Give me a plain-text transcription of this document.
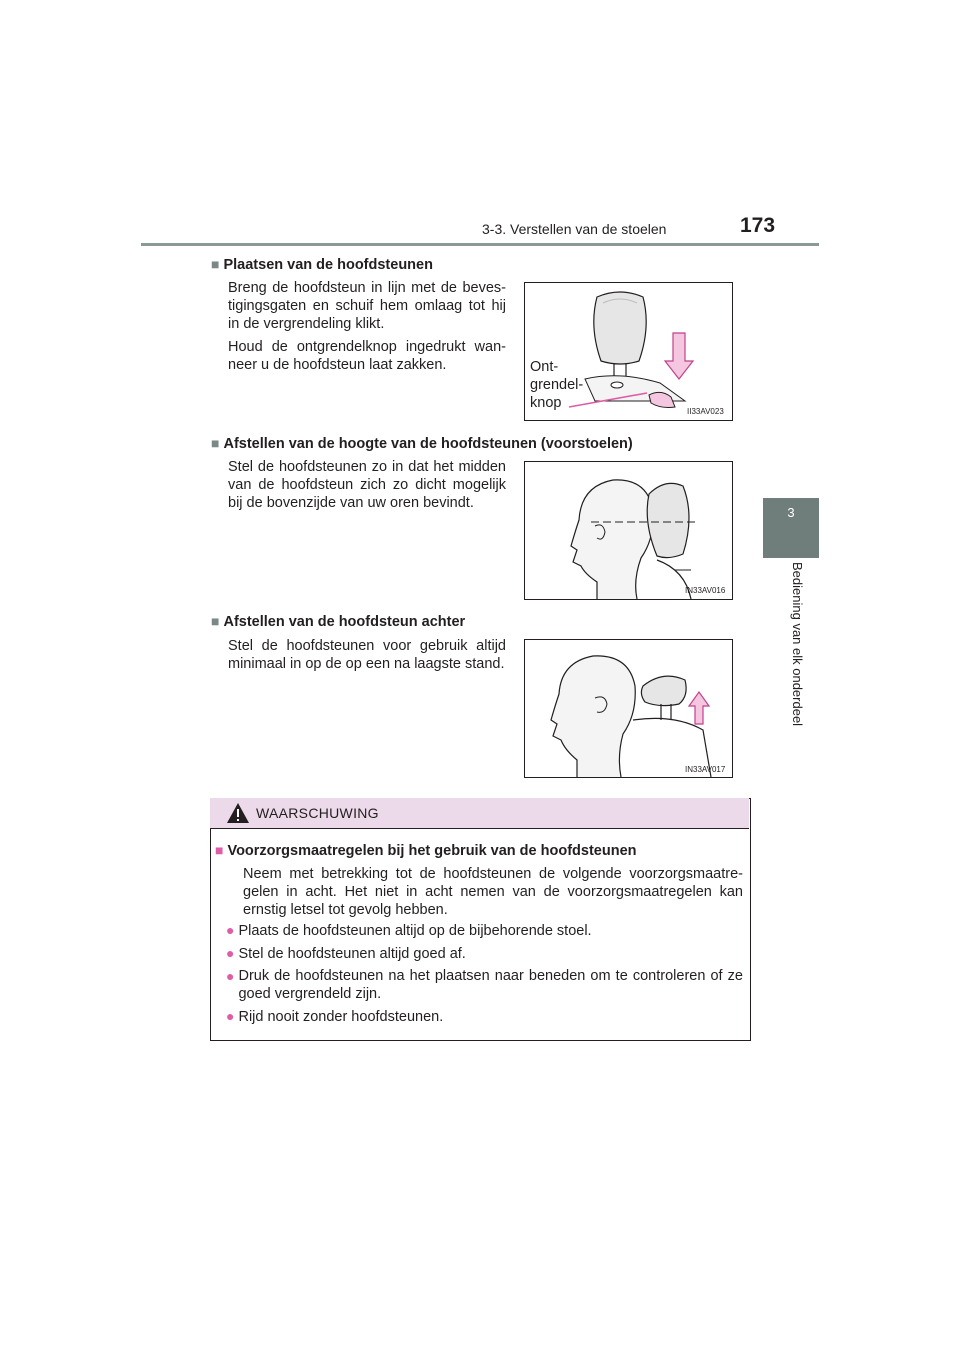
3-3. Verstellen van de stoelen	173
3
Bediening van elk onderdeel
■ Plaatsen van de hoofdsteunen
Breng de hoofdsteun in lijn met de beves-tigingsgaten en schuif hem omlaag tot hij in de vergrendeling klikt.
Houd de ontgrendelknop ingedrukt wan-neer u de hoofdsteun laat zakken.	Ont-
grendel-
knop
II33AV023
■ Afstellen van de hoogte van de hoofdsteunen (voorstoelen)
Stel de hoofdsteunen zo in dat het midden van de hoofdsteun zich zo dicht mogelijk bij de bovenzijde van uw oren bevindt.
IN33AV016
■ Afstellen van de hoofdsteun achter
Stel de hoofdsteunen voor gebruik altijd minimaal in op de op een na laagste stand.
IN33AV017
WAARSCHUWING
■ Voorzorgsmaatregelen bij het gebruik van de hoofdsteunen
Neem met betrekking tot de hoofdsteunen de volgende voorzorgsmaatre-gelen in acht. Het niet in acht nemen van de voorzorgsmaatregelen kan ernstig letsel tot gevolg hebben.
● Plaats de hoofdsteunen altijd op de bijbehorende stoel.
● Stel de hoofdsteunen altijd goed af.
● Druk de hoofdsteunen na het plaatsen naar beneden om te controleren of ze goed vergrendeld zijn.
● Rijd nooit zonder hoofdsteunen.
